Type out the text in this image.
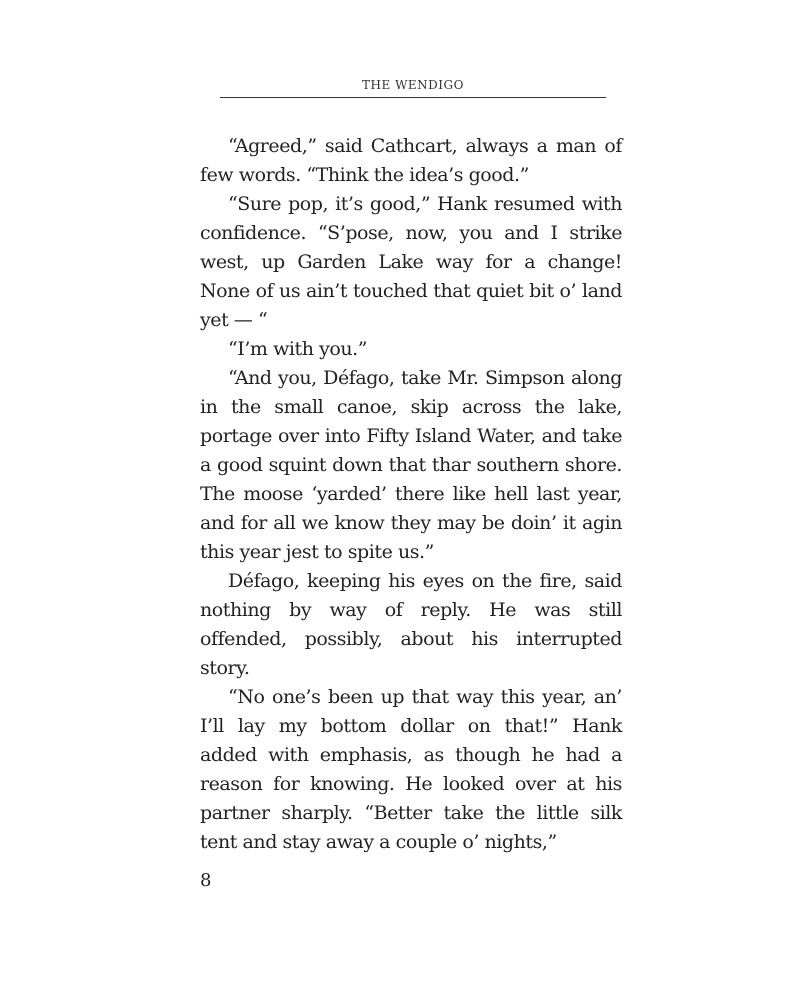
THE WENDIGO

“Agreed,” said Cathcart, always a man of few words. “Think the idea’s good.”

“Sure pop, it’s good,” Hank resumed with confidence. “S’pose, now, you and I strike west, up Garden Lake way for a change! None of us ain’t touched that quiet bit o’ land yet — “

“I’m with you.”

“And you, Défago, take Mr. Simpson along in the small canoe, skip across the lake, portage over into Fifty Island Water, and take a good squint down that thar southern shore. The moose ‘yarded’ there like hell last year, and for all we know they may be doin’ it agin this year jest to spite us.”

Défago, keeping his eyes on the fire, said nothing by way of reply. He was still offended, possibly, about his interrupted story.

“No one’s been up that way this year, an’ I’ll lay my bottom dollar on that!” Hank added with emphasis, as though he had a reason for knowing. He looked over at his partner sharply. “Better take the little silk tent and stay away a couple o’ nights,”

8
